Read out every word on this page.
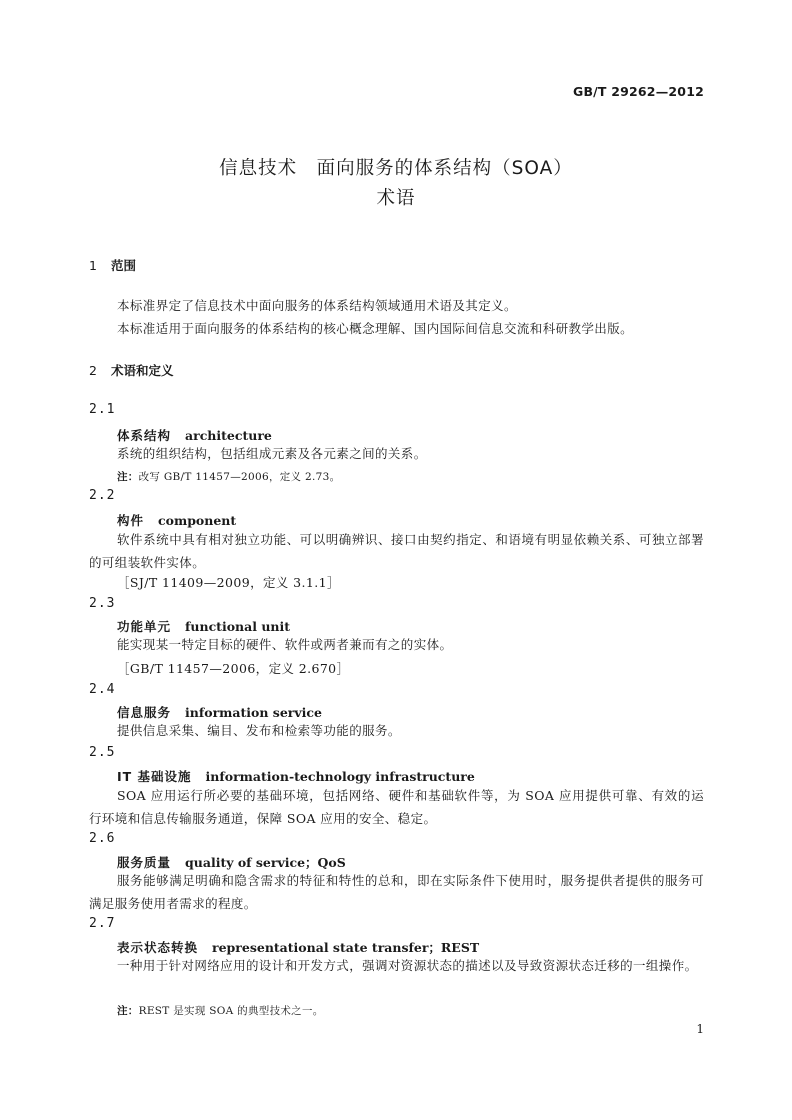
GB/T 29262—2012
信息技术　面向服务的体系结构（SOA）
术语
1 范围

本标准界定了信息技术中面向服务的体系结构领域通用术语及其定义。

本标准适用于面向服务的体系结构的核心概念理解、国内国际间信息交流和科研教学出版。

2 术语和定义
2.1
体系结构 architecture

系统的组织结构，包括组成元素及各元素之间的关系。

注：改写 GB/T 11457—2006，定义 2.73。
2.2
构件 component

软件系统中具有相对独立功能、可以明确辨识、接口由契约指定、和语境有明显依赖关系、可独立部署的可组装软件实体。

［SJ/T 11409—2009，定义 3.1.1］
2.3
功能单元 functional unit

能实现某一特定目标的硬件、软件或两者兼而有之的实体。

［GB/T 11457—2006，定义 2.670］
2.4
信息服务 information service

提供信息采集、编目、发布和检索等功能的服务。

2.5
IT 基础设施 information-technology infrastructure

SOA 应用运行所必要的基础环境，包括网络、硬件和基础软件等，为 SOA 应用提供可靠、有效的运行环境和信息传输服务通道，保障 SOA 应用的安全、稳定。

2.6
服务质量 quality of service；QoS

服务能够满足明确和隐含需求的特征和特性的总和，即在实际条件下使用时，服务提供者提供的服务可满足服务使用者需求的程度。

2.7
表示状态转换 representational state transfer；REST

一种用于针对网络应用的设计和开发方式，强调对资源状态的描述以及导致资源状态迁移的一组操作。

注：REST 是实现 SOA 的典型技术之一。
1
